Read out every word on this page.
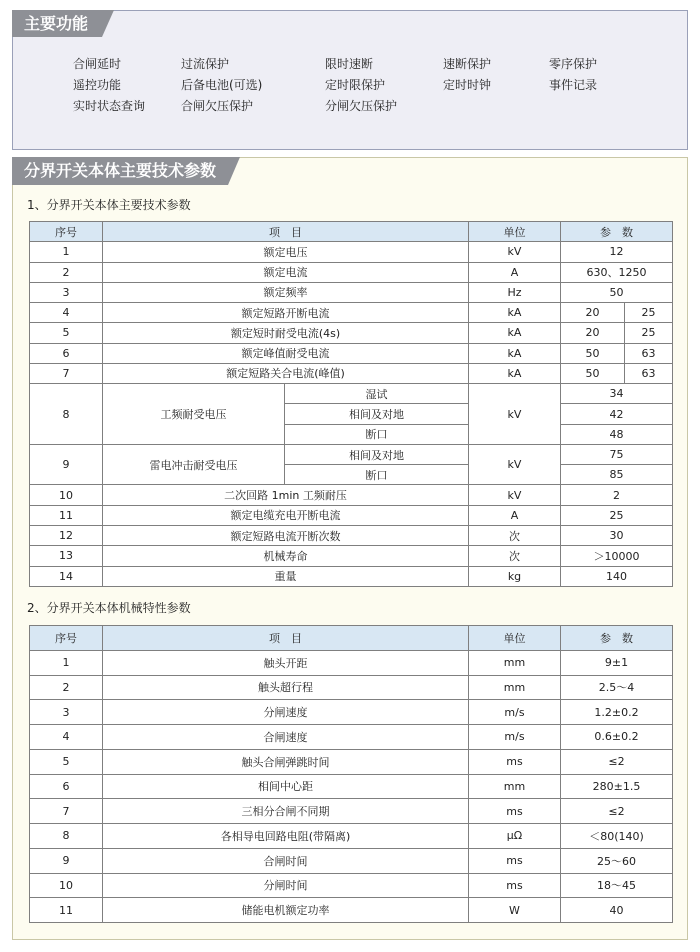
主要功能
合闸延时	过流保护	限时速断	速断保护	零序保护
遥控功能	后备电池(可选)	定时限保护	定时时钟	事件记录
实时状态查询	合闸欠压保护	分闸欠压保护
分界开关本体主要技术参数
1、分界开关本体主要技术参数
序号	项　目		单位	参　数	
1	额定电压		kV	12	
2	额定电流		A	630、1250	
3	额定频率		Hz	50	
4	额定短路开断电流		kA	20	25
5	额定短时耐受电流(4s)		kA	20	25
6	额定峰值耐受电流		kA	50	63
7	额定短路关合电流(峰值)		kA	50	63
8	工频耐受电压	湿试	kV	34	
		相间及对地		42	
		断口		48	
9	雷电冲击耐受电压	相间及对地	kV	75	
		断口		85	
10	二次回路 1min 工频耐压		kV	2	
11	额定电缆充电开断电流		A	25	
12	额定短路电流开断次数		次	30	
13	机械寿命		次	＞10000	
14	重量		kg	140	
2、分界开关本体机械特性参数
序号	项　目	单位	参　数
1	触头开距	mm	9±1
2	触头超行程	mm	2.5～4
3	分闸速度	m/s	1.2±0.2
4	合闸速度	m/s	0.6±0.2
5	触头合闸弹跳时间	ms	≤2
6	相间中心距	mm	280±1.5
7	三相分合闸不同期	ms	≤2
8	各相导电回路电阻(带隔离)	μΩ	＜80(140)
9	合闸时间	ms	25～60
10	分闸时间	ms	18～45
11	储能电机额定功率	W	40
